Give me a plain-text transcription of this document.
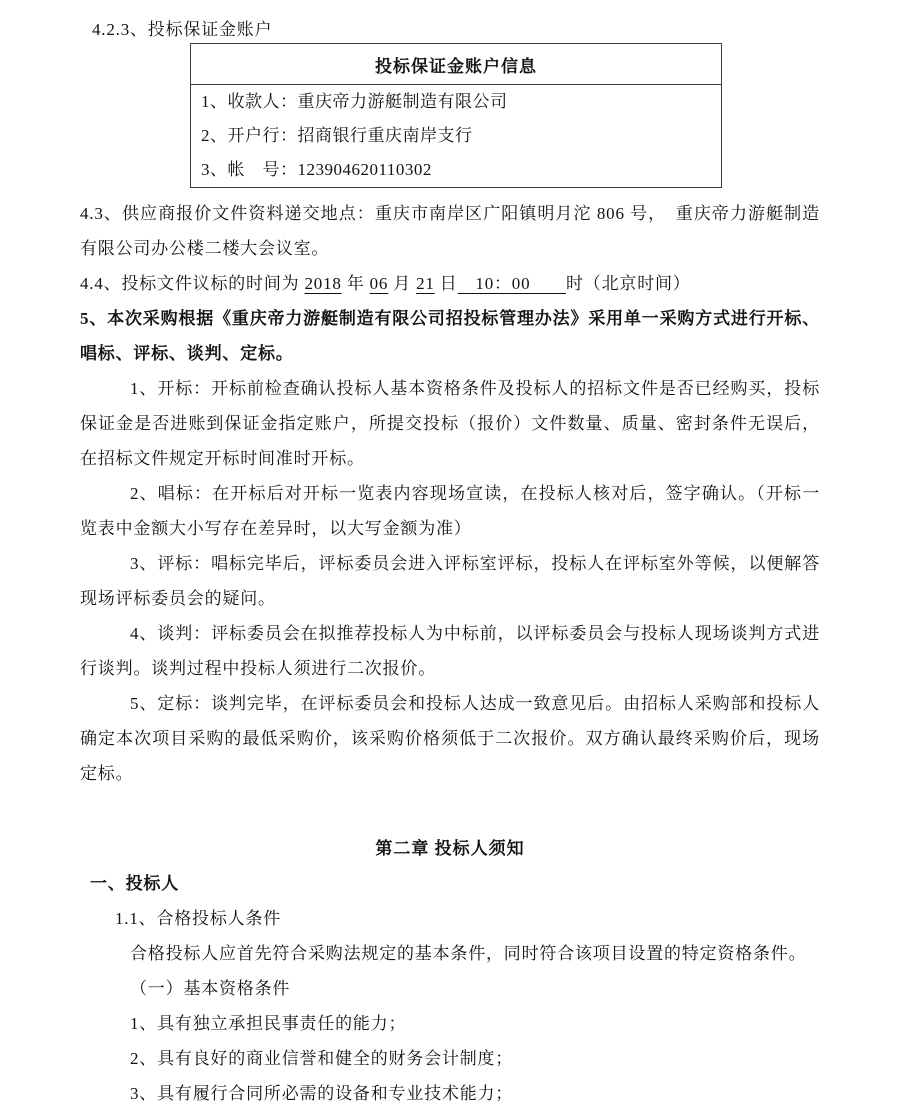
4.2.3、投标保证金账户

投标保证金账户信息

1、收款人：重庆帝力游艇制造有限公司
2、开户行：招商银行重庆南岸支行
3、帐　号：123904620110302

4.3、供应商报价文件资料递交地点：重庆市南岸区广阳镇明月沱 806 号，　重庆帝力游艇制造有限公司办公楼二楼大会议室。

4.4、投标文件议标的时间为 2018 年 06 月 21 日　10：00　　时（北京时间）

5、本次采购根据《重庆帝力游艇制造有限公司招投标管理办法》采用单一采购方式进行开标、唱标、评标、谈判、定标。

1、开标：开标前检查确认投标人基本资格条件及投标人的招标文件是否已经购买，投标保证金是否进账到保证金指定账户，所提交投标（报价）文件数量、质量、密封条件无误后，在招标文件规定开标时间准时开标。

2、唱标：在开标后对开标一览表内容现场宣读，在投标人核对后，签字确认。（开标一览表中金额大小写存在差异时，以大写金额为准）

3、评标：唱标完毕后，评标委员会进入评标室评标，投标人在评标室外等候，以便解答现场评标委员会的疑问。

4、谈判：评标委员会在拟推荐投标人为中标前，以评标委员会与投标人现场谈判方式进行谈判。谈判过程中投标人须进行二次报价。

5、定标：谈判完毕，在评标委员会和投标人达成一致意见后。由招标人采购部和投标人确定本次项目采购的最低采购价，该采购价格须低于二次报价。双方确认最终采购价后，现场定标。

第二章 投标人须知

一、投标人

1.1、合格投标人条件

合格投标人应首先符合采购法规定的基本条件，同时符合该项目设置的特定资格条件。

（一）基本资格条件

1、具有独立承担民事责任的能力；

2、具有良好的商业信誉和健全的财务会计制度；

3、具有履行合同所必需的设备和专业技术能力；
